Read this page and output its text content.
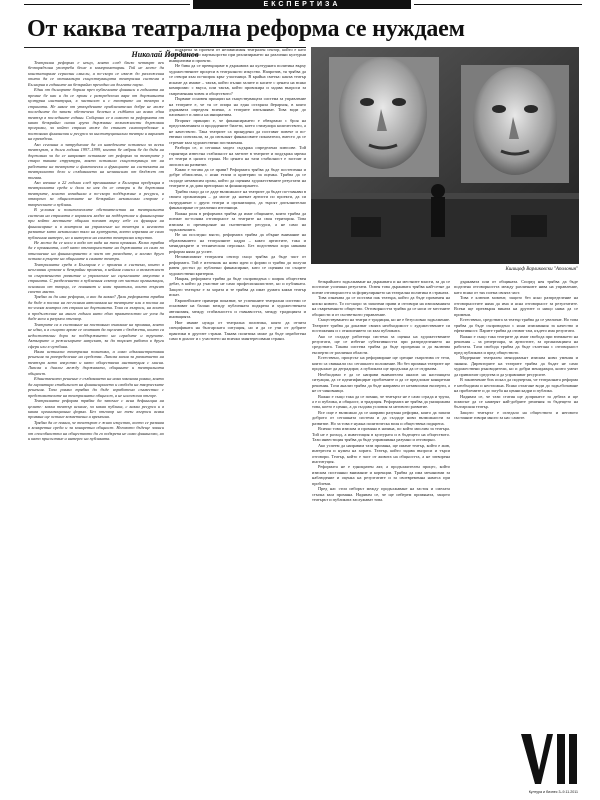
ЕКСПЕРТИЗА
От каква театрална реформа се нуждаем
Николай Йорданов

Театрална реформа е нещо, която след близо четвърт век безпорядъчна употреба беше в компрометиран. Той не може да констатираме сериозни смисли, а по-скоро се извеж до разложения опити да се оптимизира съществуващата театрална система в България в годините на безкрайно преходно на дългата пауза.

Едни от българите бориха през публичните финанси в годината на премие бе как и да се пръви с разпределена вяра от държавната културна институция, в частност и с театрите на театра в страната. Не някое от утвърдените приблизително добре не може последните да запази обезпечено белезна в съдбата на всяко една театър в последните години. Събирано се в самото за реформата от какво безкрайно онова група държавни възможности държавни програми, за който страна може да станат самоопределяне и постоянно финансови и ресурси за институционални театри и вариант на преведени.

Ако сегашна и затруднение да са наведените оставени за всеки театърът, а дълги години 1997–1999, когато бе избран бе да бъда на държавна за да се направят оставаме от реформа за театрите у стара такава структура, която оставила съществуващи от на работата на театрите и фактически и функциите на системата на театралното дело и създаването на независимо от бюджет от тогава.

Ако изпише в 22 години след преминаване в България продукция в театралната среда и дали за нея да се отвори и да държавна театрите, когато изпаднаха в по-скоро поддържане в ресурси, а отворено за общностните не безкрайно независими спорове с творческите и публики.

В условия и политическите обстоятелства на театралната система на страната е нормален модел на поддържане и финансиране при който местните общини поемат върху себе си функция на финансиране и в контрола на управление на театъра и неговото развитие като независимо тяло на културата, което изразява не само публичния интерес, но и интереса на самото театрално изкуство.

Не можа да се носи в кода от вида на тази промяна. Колко трябва да е промяната, след като отговорностите на държавата са само по отношение на финансирането в част от разходите, а всичко друго остава в ръцете на общините и самите театри.

Театралната среда в България е с промени в система, които в неоглавни срокове и безкрайни промени, в нейния смисъл и възможност за съвременното развитие и управление на сценичните изкуства в страната. С разделението в публичния сектор от частни организации, основани от творци, се появяват и нови практики, които търсят своето място.

Трябва ли да има реформа, и ако да каква? Дали реформата трябва да бъде в посока на по-голяма автономия на театрите или в посока на по-голям контрол от страна на държавата. Това са въпроси, на които в продължение на много години нито едно правителство не успя да даде ясен и разумен отговор.

Театрите са в състояние на постоянно очакване на промяна, която не идва, и в същото време се опитват да оцелеят с бюджети, които са недостатъчни дори за поддържането на сградите и трупите. Актьорите и режисьорите напускат, за да търсят работа в други сфери или в чужбина.

Няма истинска театрална политика, а само административни решения за разпределение на средства. Липсва визия за развитието на театъра като изкуство и като обществена институция с мисия. Липсва и диалог между държавата, общините и театралната общност.

Единственото решение е създаването на нова законова рамка, която да гарантира стабилност на финансирането и свобода на творческите решения. Тази рамка трябва да бъде изработена съвместно с представителите на театралната общност, а не наложена отгоре.

Театралната реформа трябва да започне с ясна дефиниция на целите: какъв театър искаме, за каква публика, с какви ресурси и в каква организационна форма. Без отговор на тези въпроси всяка промяна ще остане козметична и временна.

Трябва да се помни, че театърът е живо изкуство, което се развива в конкретна среда и за конкретна общност. Неговото бъдеще зависи от способността на обществото да го подкрепя не само финансово, но и като присъствие и интерес на публиката.

подкрепа за проекти от независимия театрален сектор, който е като публично-частно партньорство при реализирането на различни културни инициативи и проекти.

Не бива да се превърщаме в държавата на културната политика върху художествените процеси в театралното изкуство. Напротив, тя трябва да се отвори към по-широк кръг участници. В крайна сметка: какъв театър искаме да имаме – такъв, който пълни залите и касите с цената на всяко компромис с вкуса, или такъв, който провокира и задава въпроси за съвременния човек и обществото?

Първият основен принцип на съществуващата система за управление на театрите е, че тя се опира на една остаряла йерархия, в която държавата определя всичко, а театрите изпълняват. Това води до пасивност и липса на инициатива.

Вторият принцип е, че финансирането е обвързано с броя на представленията и продадените билети, което стимулира количеството, а не качеството. Така театрите са принудени да поставят повече и по-евтини спектакли, за да изпълнят финансовите показатели, вместо да се стремят към художествени постижения.

Разбира се, и сегашна модел съдържа определени плюсове. Той гарантира известна стабилност на заетите в театрите и поддържа мрежа от театри в цялата страна. Но цената на тази стабилност е застоят и липсата на развитие.

Какво е тогава да се прави? Реформата трябва да бъде постепенна и добре обмислена, с ясни етапи и критерии за оценка. Трябва да се създаде независим орган, който да оценява художествените резултати на театрите и да дава препоръки за финансирането.

Трябва също да се даде възможност на театрите да бъдат по-гъвкави в своята организация – да могат да наемат артисти по проекти, да си сътрудничат с други театри и организации, да търсят допълнително финансиране от различни източници.

Важна роля в реформата трябва да имат общините, които трябва да поемат по-голяма отговорност за театрите на своя територия. Това изисква и прехвърляне на съответните ресурси, а не само на задълженията.

Не на последно място, реформата трябва да обърне внимание на образованието на театралните кадри – както артистите, така и мениджърите и техническия персонал. Без подготвени хора никаква реформа няма да успее.

Независимият театрален сектор също трябва да бъде част от реформата. Той е източник на нови идеи и форми и трябва да получи равен достъп до публично финансиране, като се оценява по същите художествени критерии.

Накрая, реформата трябва да бъде съпроводена с широк обществен дебат, в който да участват не само професионалистите, но и публиката. Защото театърът е за хората и те трябва да имат думата какъв театър искат.

Европейските примери показват, че успешните театрални системи се основават на баланс между публичната подкрепа и художествената автономия, между стабилността и гъвкавостта, между традицията и иновацията.

Ние имаме нужда от театрална политика, която да отчита спецификата на българската ситуация, но и да се учи от добрите практики в другите страни. Такава политика може да бъде изработена само в диалог и с участието на всички заинтересовани страни.

Кшищоф Варликовски "Аполония"

безкрайното задължаване на държавата и на местните власти, за да се постигне успешни резултати. Освен това държавата трябва най-сетне да поеме отговорността за формулирането на театрална политика в страната.

Това означава да се постави пак театъра, който да бъде променен на ниско нивото. То по-скоро за запазени прави и отговори на изискванията на съвременното общество. Отговорността трябва да се носи от местните общности и от съответното управление.

Съществуването на театри е традиция, но не е безусловно задължение. Театрите трябва да доказват своята необходимост с художествените си постижения и с отношението си към публиката.

Ако се създаде работеща система за оценка на художествените резултати, ще се избегне субективността при разпределението на средствата. Такава система трябва да бъде прозрачна и да включва експерти от различни области.

Естествено, процесът на реформиране ще срещне съпротива от тези, които са свикнали със сегашното положение. Но без промяна театрите ще продължат да деградират, а публиката ще продължи да се отдръпва.

Необходимо е да се направи внимателен анализ на настоящата ситуация, да се идентифицират проблемите и да се предложат конкретни решения. Този анализ трябва да бъде направен от независими експерти, а не от чиновници.

Важно е също така да се помни, че театърът не е само сграда и трупа, а е и публика, и общност, и традиция. Реформата не трябва да унищожава това, което е ценно, а да създава условия за неговото развитие.

Все още е възможно да се направи разумна реформа, която да запази доброто от сегашната система и да създаде нови възможности за развитие. Но за това е нужна политическа воля и обществена подкрепа.

Всичко това изисква и промяна в начина, по който мислим за театъра. Той не е разход, а инвестиция в културата и в бъдещето на обществото. Тази инвестиция трябва да бъде управлявана разумно и отговорно.

Ако успеем да направим тази промяна, ще имаме театър, който е жив, интересен и нужен на хората. Театър, който задава въпроси и търси отговори. Театър, който е част от живота на общността, а не затворена институция.

Реформата не е еднократен акт, а продължителен процес, който изисква постоянно внимание и корекции. Трябва да има механизми за наблюдение и оценка на резултатите и за своевременна намеса при проблеми.

Пред нас стои изборът между продължаване на застоя и смелата стъпка към промяна. Надявам се, че ще изберем промяната, защото театърът и публиката заслужават това.

държавата или от общината. Според нея трябва да бъде поделена отговорността между различните нива на управление, като всяко от тях поема своята част.

Това е ключов момент, защото без ясно разпределение на отговорностите няма да има и ясна отговорност за резултатите. Всеки ще прехвърля вината на другите и нищо няма да се промени.

Естествено, средствата за театър трябва да се увеличат. Но това трябва да бъде съпроводено с ясни изисквания за качество и ефективност. Парите трябва да отиват там, където има резултати.

Важно е също така театрите да имат свобода при вземането на решения – за репертоара, за артистите, за организацията на работата. Тази свобода трябва да бъде съчетана с отговорност пред публиката и пред обществото.

Модерният театрален мениджмънт изисква нови умения и знания. Директорите на театрите трябва да бъдат не само художествени ръководители, но и добри мениджъри, които умеят да привличат средства и да управляват ресурсите.

В заключение бих искал да подчертая, че театралната реформа е необходима и неотложна. Всяко отлагане води до задълбочаване на проблемите и до загуба на ценни кадри и публика.

Надявам се, че тази статия ще допринесе за дебата и ще помогне да се намерят най-добрите решения за бъдещето на българския театър.

Защото театърът е огледало на обществото и неговото състояние говори много за нас самите.

Култура и бизнес 3–9.11.2011
